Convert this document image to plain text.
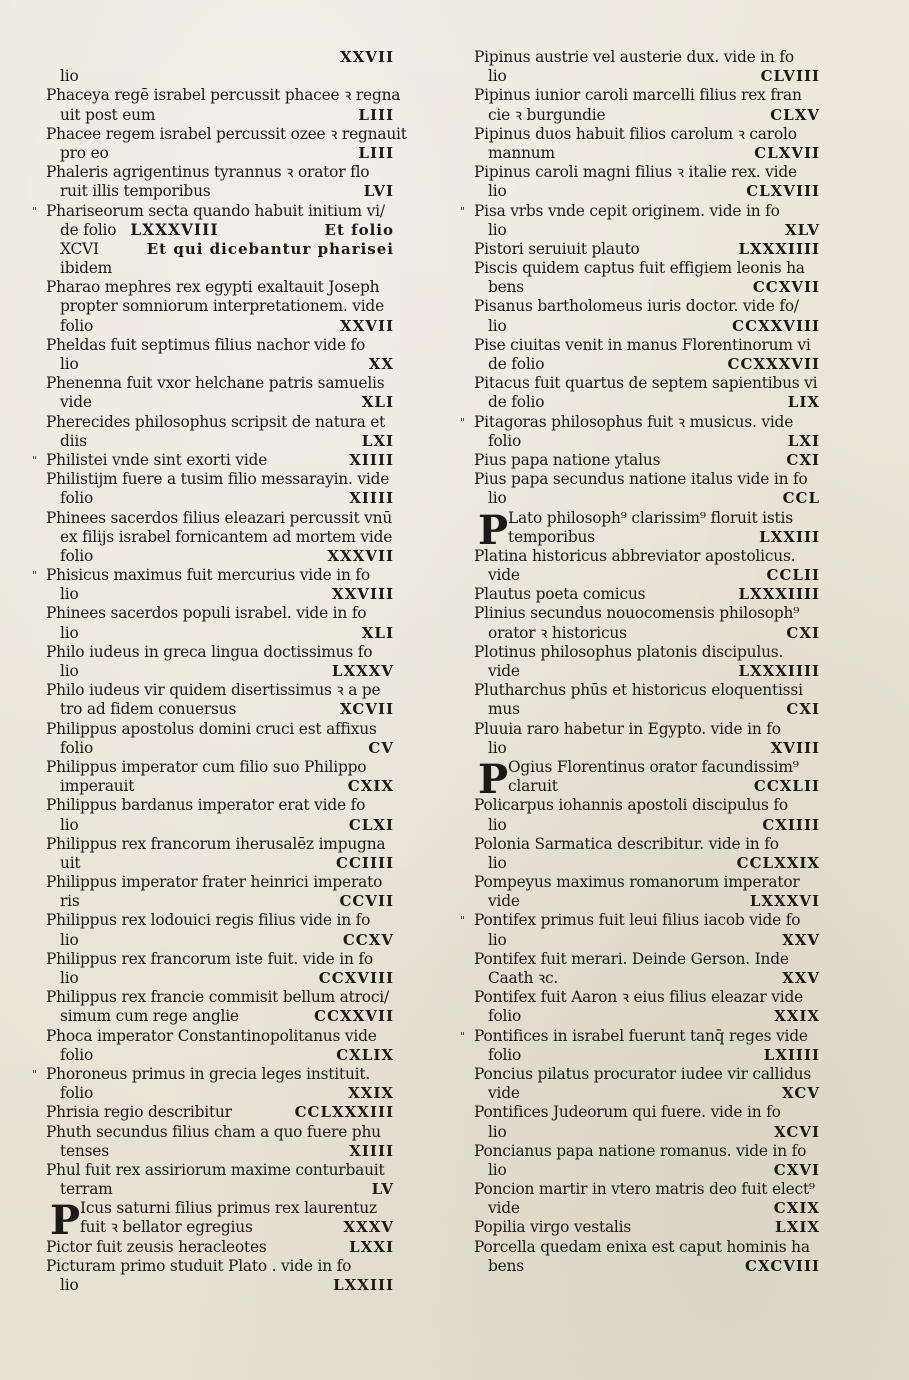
XXVII
lio
Phaceya regē israbel percussit phacee ꝛ regna
uit post eum	LIII
Phacee regem israbel percussit ozee ꝛ regnauit
pro eo	LIII
Phaleris agrigentinus tyrannus ꝛ orator flo
ruit illis temporibus	LVI
" Phariseorum secta quando habuit initium vi/
de folio LXXXVIII	Et folio
XCVI	Et qui dicebantur pharisei
ibidem
Pharao mephres rex egypti exaltauit Joseph
propter somniorum interpretationem. vide
folio	XXVII
Pheldas fuit septimus filius nachor vide fo
lio	XX
Phenenna fuit vxor helchane patris samuelis
vide	XLI
Pherecides philosophus scripsit de natura et
diis	LXI
" Philistei vnde sint exorti vide	XIIII
Philistijm fuere a tusim filio messarayin. vide
folio	XIIII
Phinees sacerdos filius eleazari percussit vnū
ex filijs israbel fornicantem ad mortem vide
folio	XXXVII
" Phisicus maximus fuit mercurius vide in fo
lio	XXVIII
Phinees sacerdos populi israbel. vide in fo
lio	XLI
Philo iudeus in greca lingua doctissimus fo
lio	LXXXV
Philo iudeus vir quidem disertissimus ꝛ a pe
tro ad fidem conuersus	XCVII
Philippus apostolus domini cruci est affixus
folio	CV
Philippus imperator cum filio suo Philippo
imperauit	CXIX
Philippus bardanus imperator erat vide fo
lio	CLXI
Philippus rex francorum iherusalēz impugna
uit	CCIIII
Philippus imperator frater heinrici imperato
ris	CCVII
Philippus rex lodouici regis filius vide in fo
lio	CCXV
Philippus rex francorum iste fuit. vide in fo
lio	CCXVIII
Philippus rex francie commisit bellum atroci/
simum cum rege anglie	CCXXVII
Phoca imperator Constantinopolitanus vide
folio	CXLIX
" Phoroneus primus in grecia leges instituit.
folio	XXIX
Phrisia regio describitur	CCLXXXIII
Phuth secundus filius cham a quo fuere phu
tenses	XIIII
Phul fuit rex assiriorum maxime conturbauit
terram	LV
P Icus saturni filius primus rex laurentuz
fuit ꝛ bellator egregius	XXXV
Pictor fuit zeusis heracleotes	LXXI
Picturam primo studuit Plato . vide in fo
lio	LXXIII
Pipinus austrie vel austerie dux. vide in fo
lio	CLVIII
Pipinus iunior caroli marcelli filius rex fran
cie ꝛ burgundie	CLXV
Pipinus duos habuit filios carolum ꝛ carolo
mannum	CLXVII
Pipinus caroli magni filius ꝛ italie rex. vide
lio	CLXVIII
" Pisa vrbs vnde cepit originem. vide in fo
lio	XLV
Pistori seruiuit plauto	LXXXIIII
Piscis quidem captus fuit effigiem leonis ha
bens	CCXVII
Pisanus bartholomeus iuris doctor. vide fo/
lio	CCXXVIII
Pise ciuitas venit in manus Florentinorum vi
de folio	CCXXXVII
Pitacus fuit quartus de septem sapientibus vi
de folio	LIX
" Pitagoras philosophus fuit ꝛ musicus. vide
folio	LXI
Pius papa natione ytalus	CXI
Pius papa secundus natione italus vide in fo
lio	CCL
P Lato philosoph⁹ clarissim⁹ floruit istis
temporibus	LXXIII
Platina historicus abbreviator apostolicus.
vide	CCLII
Plautus poeta comicus	LXXXIIII
Plinius secundus nouocomensis philosoph⁹
orator ꝛ historicus	CXI
Plotinus philosophus platonis discipulus.
vide	LXXXIIII
Plutharchus phūs et historicus eloquentissi
mus	CXI
Pluuia raro habetur in Egypto. vide in fo
lio	XVIII
P Ogius Florentinus orator facundissim⁹
claruit	CCXLII
Policarpus iohannis apostoli discipulus fo
lio	CXIIII
Polonia Sarmatica describitur. vide in fo
lio	CCLXXIX
Pompeyus maximus romanorum imperator
vide	LXXXVI
" Pontifex primus fuit leui filius iacob vide fo
lio	XXV
Pontifex fuit merari. Deinde Gerson. Inde
Caath ꝛc.	XXV
Pontifex fuit Aaron ꝛ eius filius eleazar vide
folio	XXIX
" Pontifices in israbel fuerunt tanq̄ reges vide
folio	LXIIII
Poncius pilatus procurator iudee vir callidus
vide	XCV
Pontifices Judeorum qui fuere. vide in fo
lio	XCVI
Poncianus papa natione romanus. vide in fo
lio	CXVI
Poncion martir in vtero matris deo fuit elect⁹
vide	CXIX
Popilia virgo vestalis	LXIX
Porcella quedam enixa est caput hominis ha
bens	CXCVIII
